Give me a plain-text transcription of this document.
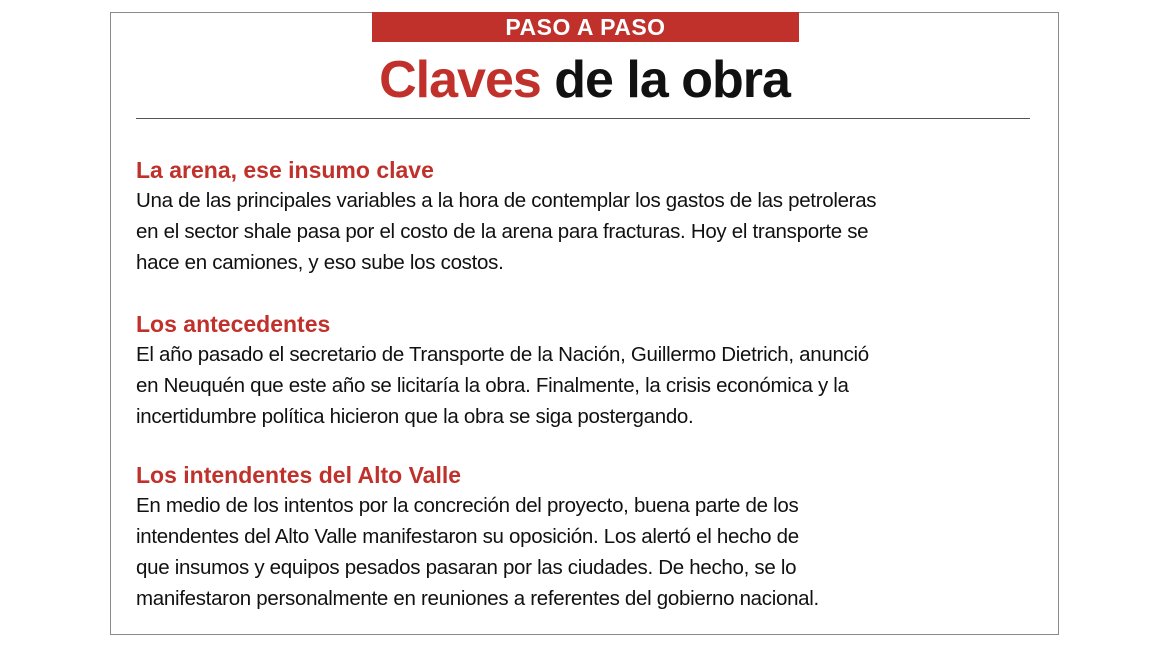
PASO A PASO
Claves de la obra
La arena, ese insumo clave
Una de las principales variables a la hora de contemplar los gastos de las petroleras
en el sector shale pasa por el costo de la arena para fracturas. Hoy el transporte se
hace en camiones, y eso sube los costos.
Los antecedentes
El año pasado el secretario de Transporte de la Nación, Guillermo Dietrich, anunció
en Neuquén que este año se licitaría la obra. Finalmente, la crisis económica y la
incertidumbre política hicieron que la obra se siga postergando.
Los intendentes del Alto Valle
En medio de los intentos por la concreción del proyecto, buena parte de los
intendentes del Alto Valle manifestaron su oposición. Los alertó el hecho de
que insumos y equipos pesados pasaran por las ciudades. De hecho, se lo
manifestaron personalmente en reuniones a referentes del gobierno nacional.
